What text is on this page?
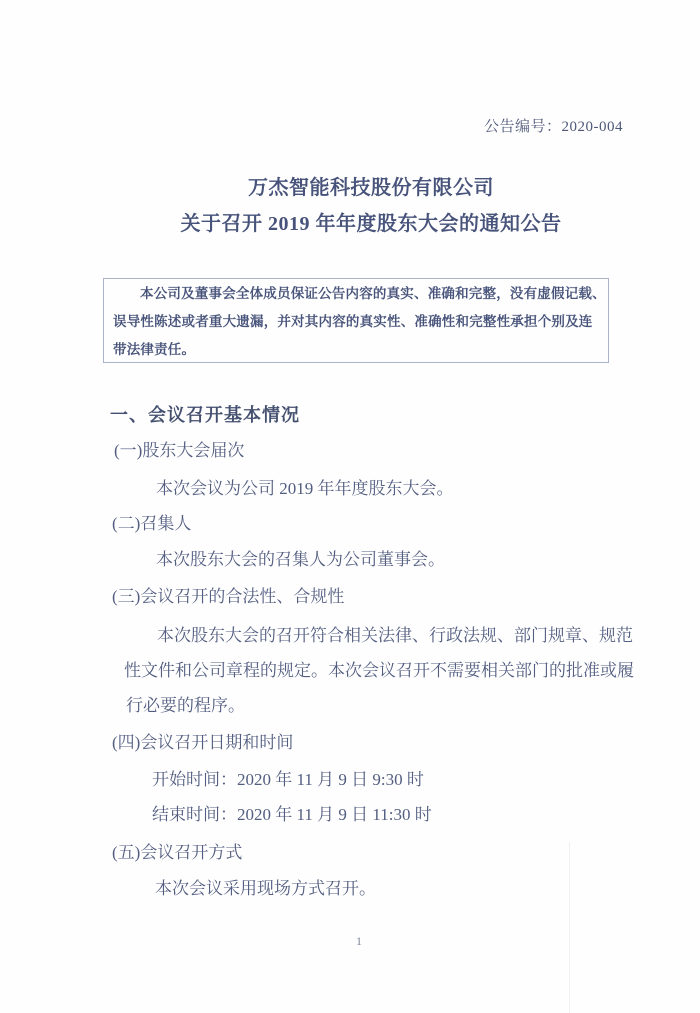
公告编号：2020-004
万杰智能科技股份有限公司
关于召开 2019 年年度股东大会的通知公告
本公司及董事会全体成员保证公告内容的真实、准确和完整，没有虚假记载、
误导性陈述或者重大遗漏，并对其内容的真实性、准确性和完整性承担个别及连
带法律责任。
一、会议召开基本情况
(一)股东大会届次
本次会议为公司 2019 年年度股东大会。
(二)召集人
本次股东大会的召集人为公司董事会。
(三)会议召开的合法性、合规性
本次股东大会的召开符合相关法律、行政法规、部门规章、规范
性文件和公司章程的规定。本次会议召开不需要相关部门的批准或履
行必要的程序。
(四)会议召开日期和时间
开始时间：2020 年 11 月 9 日 9:30 时
结束时间：2020 年 11 月 9 日 11:30 时
(五)会议召开方式
本次会议采用现场方式召开。
1
